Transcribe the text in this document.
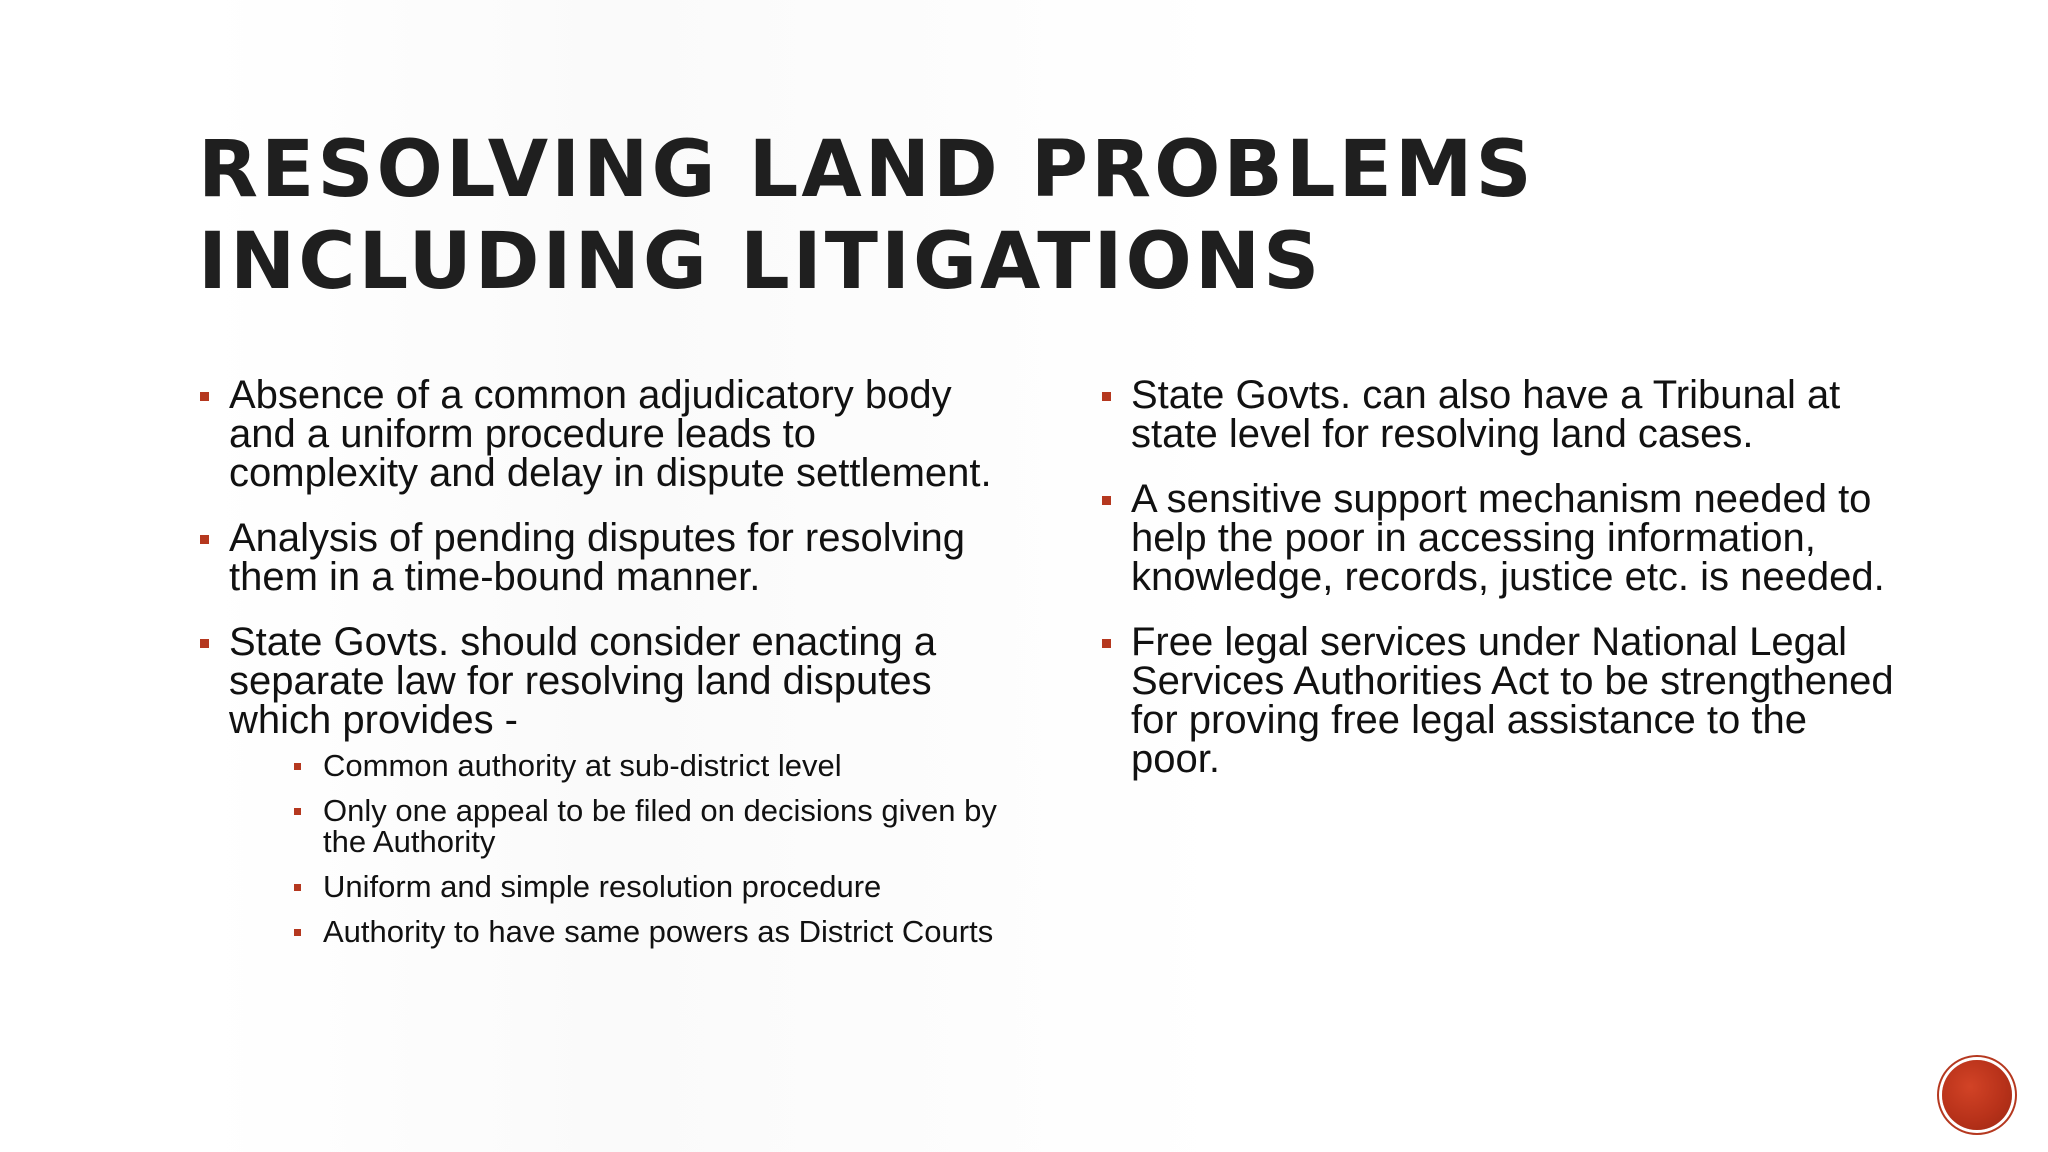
RESOLVING LAND PROBLEMS
INCLUDING LITIGATIONS
Absence of a common adjudicatory body and a uniform procedure leads to complexity and delay in dispute settlement.
Analysis of pending disputes for resolving them in a time-bound manner.
State Govts. should consider enacting a separate law for resolving land disputes which provides -
Common authority at sub-district level
Only one appeal to be filed on decisions given by the Authority
Uniform and simple resolution procedure
Authority to have same powers as District Courts
State Govts. can also have a Tribunal at state level for resolving land cases.
A sensitive support mechanism needed to help the poor in accessing information, knowledge, records, justice etc. is needed.
Free legal services under National Legal Services Authorities Act to be strengthened for proving free legal assistance to the poor.
